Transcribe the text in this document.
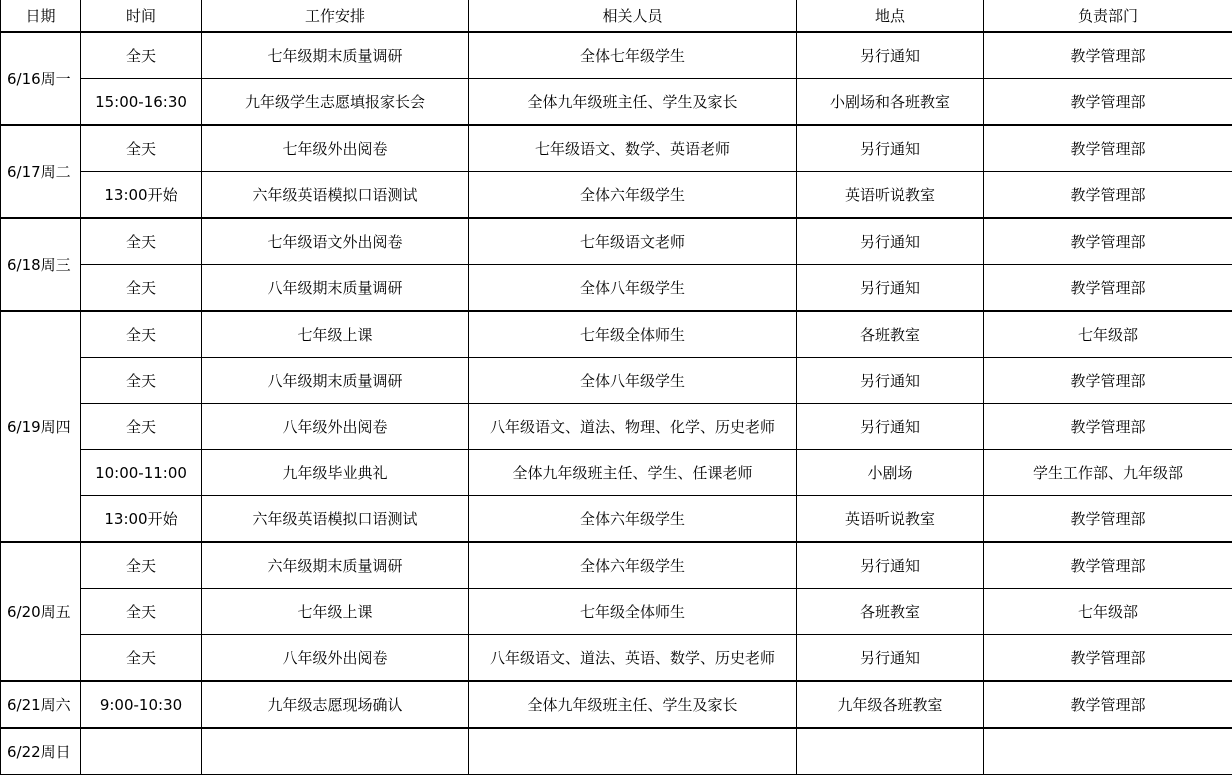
日期	时间	工作安排	相关人员	地点	负责部门
6/16周一	全天	七年级期末质量调研	全体七年级学生	另行通知	教学管理部
	15:00-16:30	九年级学生志愿填报家长会	全体九年级班主任、学生及家长	小剧场和各班教室	教学管理部
6/17周二	全天	七年级外出阅卷	七年级语文、数学、英语老师	另行通知	教学管理部
	13:00开始	六年级英语模拟口语测试	全体六年级学生	英语听说教室	教学管理部
6/18周三	全天	七年级语文外出阅卷	七年级语文老师	另行通知	教学管理部
	全天	八年级期末质量调研	全体八年级学生	另行通知	教学管理部
6/19周四	全天	七年级上课	七年级全体师生	各班教室	七年级部
	全天	八年级期末质量调研	全体八年级学生	另行通知	教学管理部
	全天	八年级外出阅卷	八年级语文、道法、物理、化学、历史老师	另行通知	教学管理部
	10:00-11:00	九年级毕业典礼	全体九年级班主任、学生、任课老师	小剧场	学生工作部、九年级部
	13:00开始	六年级英语模拟口语测试	全体六年级学生	英语听说教室	教学管理部
6/20周五	全天	六年级期末质量调研	全体六年级学生	另行通知	教学管理部
	全天	七年级上课	七年级全体师生	各班教室	七年级部
	全天	八年级外出阅卷	八年级语文、道法、英语、数学、历史老师	另行通知	教学管理部
6/21周六	9:00-10:30	九年级志愿现场确认	全体九年级班主任、学生及家长	九年级各班教室	教学管理部
6/22周日					
